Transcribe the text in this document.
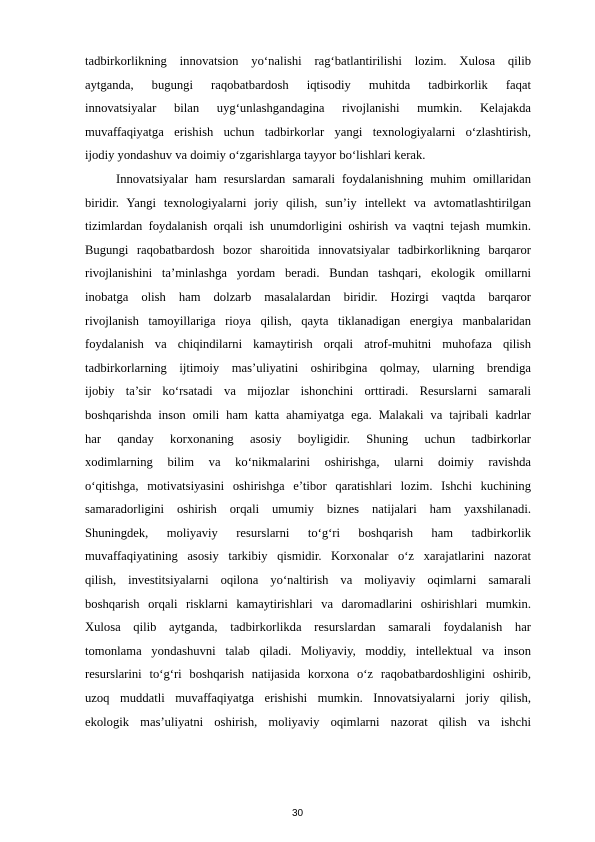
tadbirkorlikning innovatsion yo‘nalishi rag‘batlantirilishi lozim. Xulosa qilib
aytganda, bugungi raqobatbardosh iqtisodiy muhitda tadbirkorlik faqat
innovatsiyalar bilan uyg‘unlashgandagina rivojlanishi mumkin. Kelajakda
muvaffaqiyatga erishish uchun tadbirkorlar yangi texnologiyalarni o‘zlashtirish,
ijodiy yondashuv va doimiy o‘zgarishlarga tayyor bo‘lishlari kerak.
Innovatsiyalar ham resurslardan samarali foydalanishning muhim omillaridan
biridir. Yangi texnologiyalarni joriy qilish, sun’iy intellekt va avtomatlashtirilgan
tizimlardan foydalanish orqali ish unumdorligini oshirish va vaqtni tejash mumkin.
Bugungi raqobatbardosh bozor sharoitida innovatsiyalar tadbirkorlikning barqaror
rivojlanishini ta’minlashga yordam beradi. Bundan tashqari, ekologik omillarni
inobatga olish ham dolzarb masalalardan biridir. Hozirgi vaqtda barqaror
rivojlanish tamoyillariga rioya qilish, qayta tiklanadigan energiya manbalaridan
foydalanish va chiqindilarni kamaytirish orqali atrof-muhitni muhofaza qilish
tadbirkorlarning ijtimoiy mas’uliyatini oshiribgina qolmay, ularning brendiga
ijobiy ta’sir ko‘rsatadi va mijozlar ishonchini orttiradi. Resurslarni samarali
boshqarishda inson omili ham katta ahamiyatga ega. Malakali va tajribali kadrlar
har qanday korxonaning asosiy boyligidir. Shuning uchun tadbirkorlar
xodimlarning bilim va ko‘nikmalarini oshirishga, ularni doimiy ravishda
o‘qitishga, motivatsiyasini oshirishga e’tibor qaratishlari lozim. Ishchi kuchining
samaradorligini oshirish orqali umumiy biznes natijalari ham yaxshilanadi.
Shuningdek, moliyaviy resurslarni to‘g‘ri boshqarish ham tadbirkorlik
muvaffaqiyatining asosiy tarkibiy qismidir. Korxonalar o‘z xarajatlarini nazorat
qilish, investitsiyalarni oqilona yo‘naltirish va moliyaviy oqimlarni samarali
boshqarish orqali risklarni kamaytirishlari va daromadlarini oshirishlari mumkin.
Xulosa qilib aytganda, tadbirkorlikda resurslardan samarali foydalanish har
tomonlama yondashuvni talab qiladi. Moliyaviy, moddiy, intellektual va inson
resurslarini to‘g‘ri boshqarish natijasida korxona o‘z raqobatbardoshligini oshirib,
uzoq muddatli muvaffaqiyatga erishishi mumkin. Innovatsiyalarni joriy qilish,
ekologik mas’uliyatni oshirish, moliyaviy oqimlarni nazorat qilish va ishchi
30
